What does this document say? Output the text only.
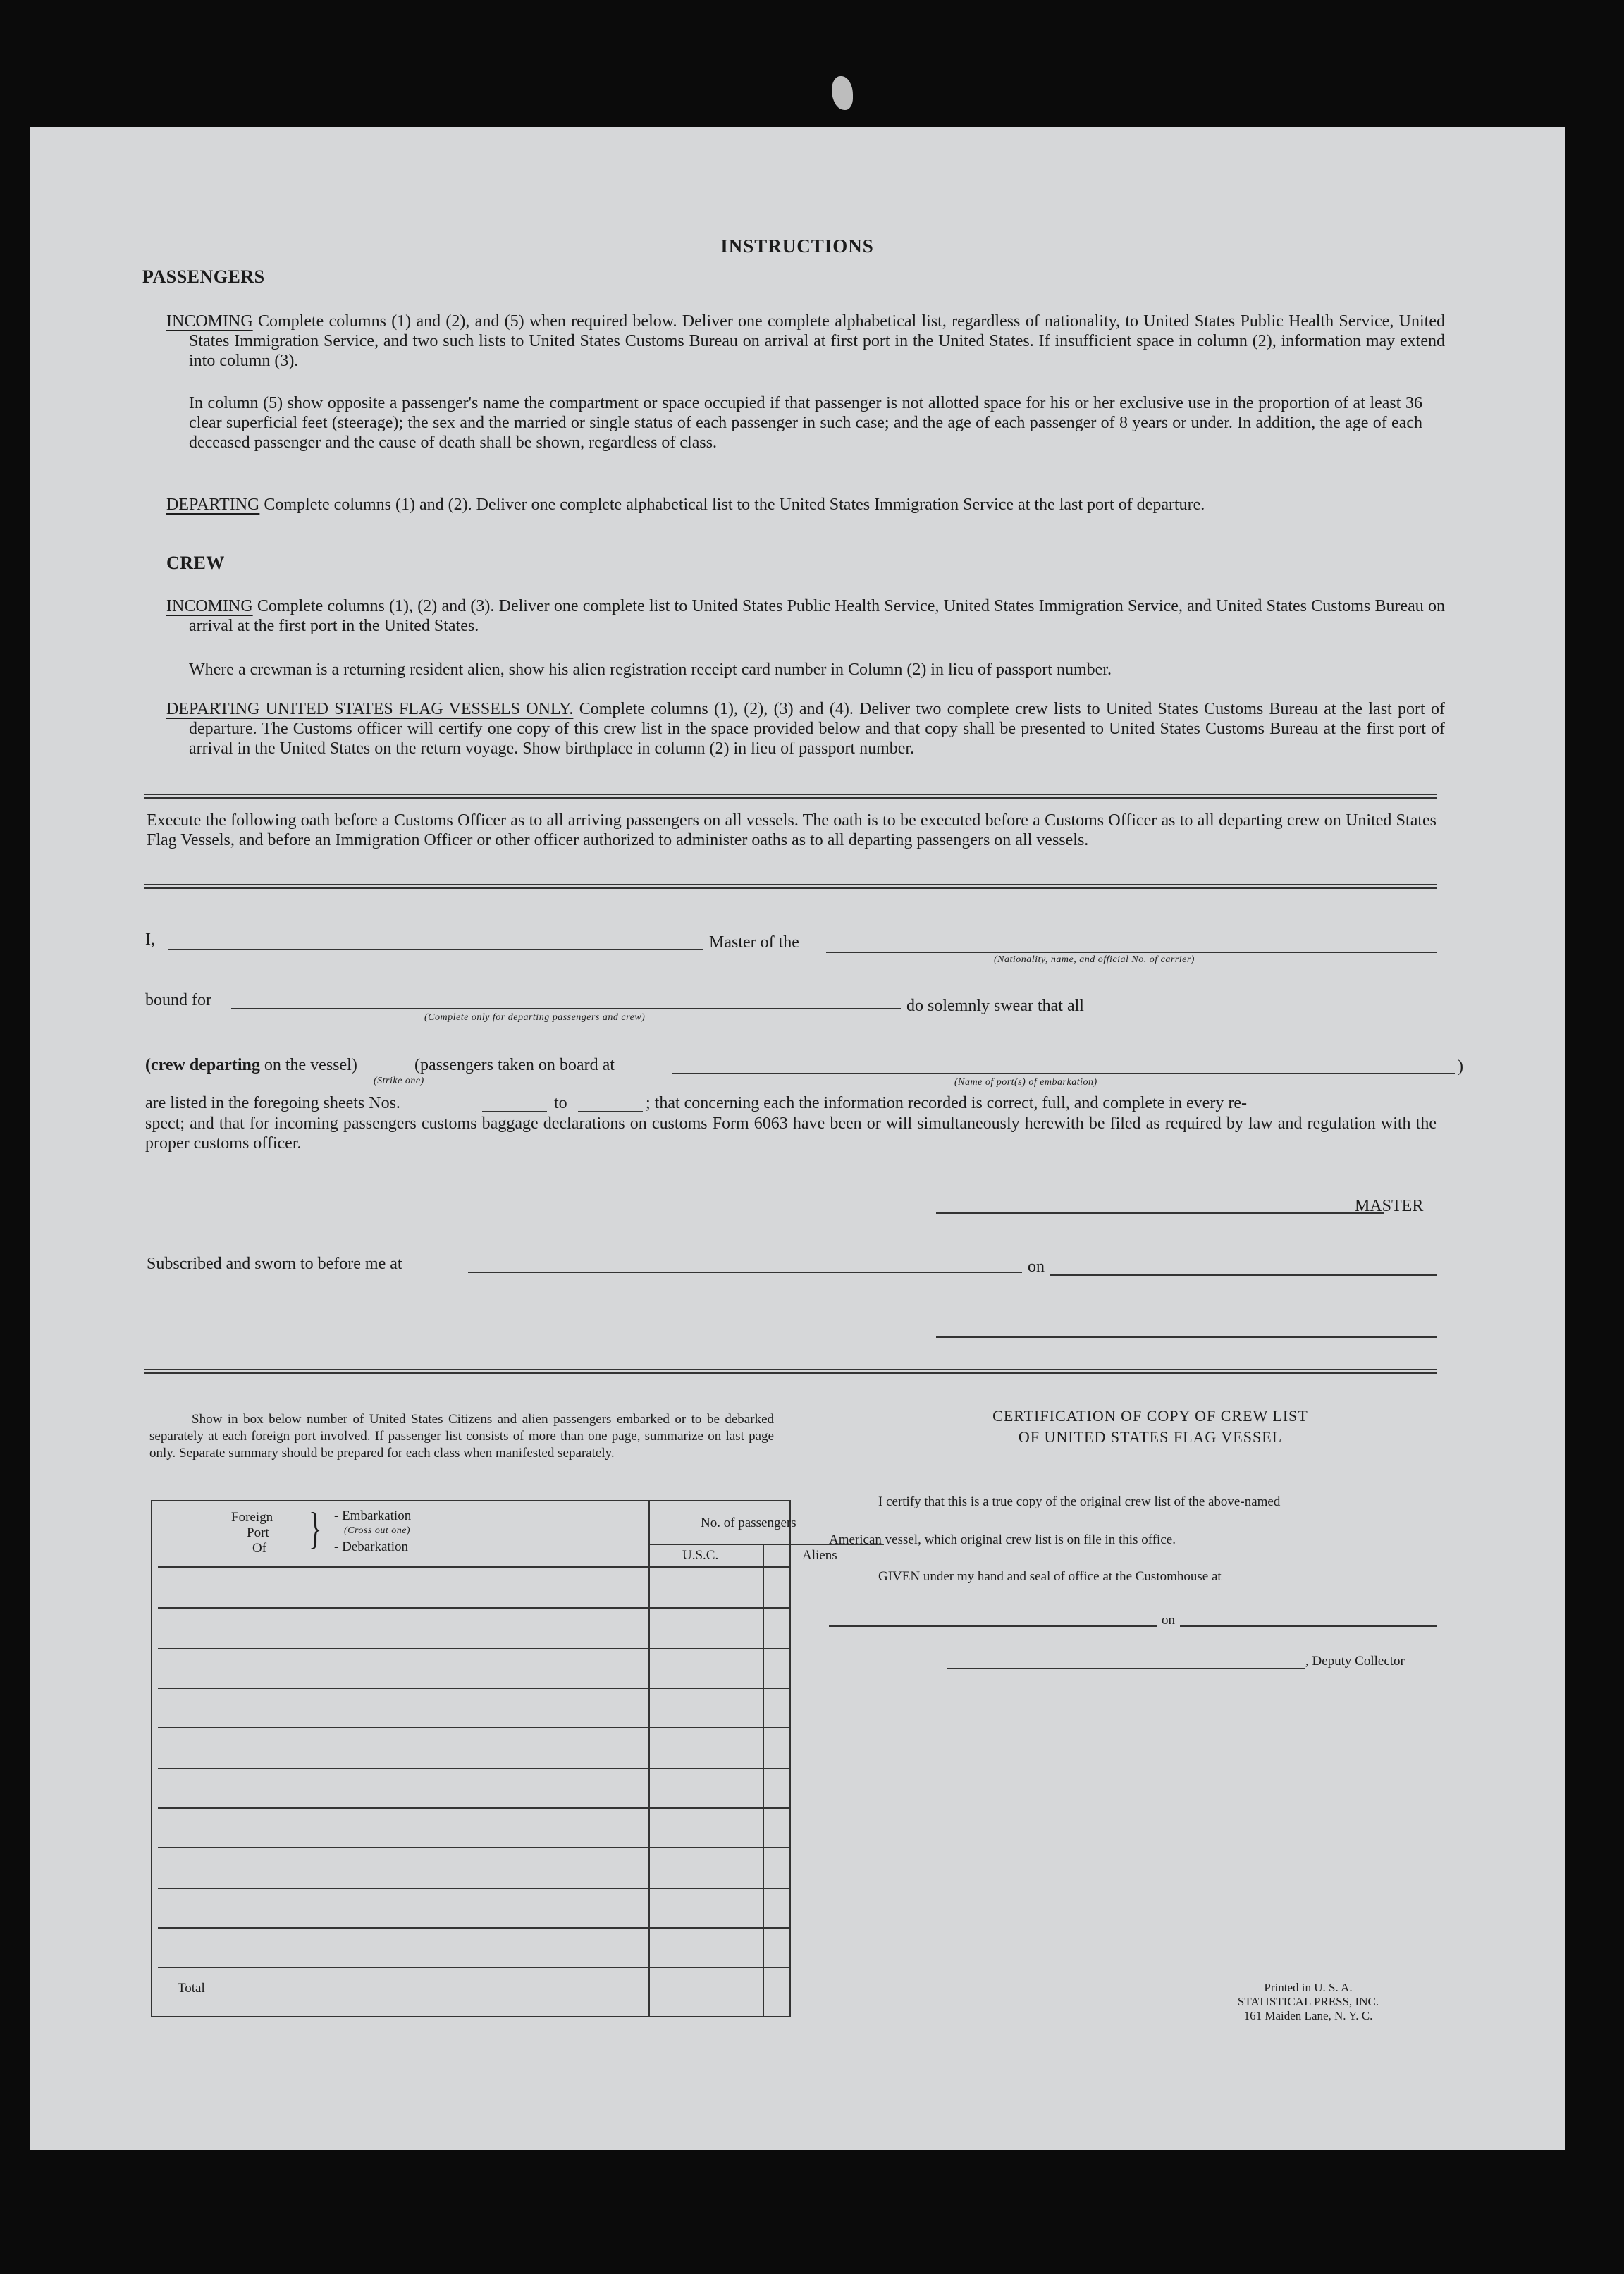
INSTRUCTIONS

PASSENGERS

INCOMING Complete columns (1) and (2), and (5) when required below. Deliver one complete alphabetical list, regardless of nationality, to United States Public Health Service, United States Immigration Service, and two such lists to United States Customs Bureau on arrival at first port in the United States. If insufficient space in column (2), information may extend into column (3).

In column (5) show opposite a passenger's name the compartment or space occupied if that passenger is not allotted space for his or her exclusive use in the proportion of at least 36 clear superficial feet (steerage); the sex and the married or single status of each passenger in such case; and the age of each passenger of 8 years or under. In addition, the age of each deceased passenger and the cause of death shall be shown, regardless of class.

DEPARTING Complete columns (1) and (2). Deliver one complete alphabetical list to the United States Immigration Service at the last port of departure.

CREW

INCOMING Complete columns (1), (2) and (3). Deliver one complete list to United States Public Health Service, United States Immigration Service, and United States Customs Bureau on arrival at the first port in the United States.

Where a crewman is a returning resident alien, show his alien registration receipt card number in Column (2) in lieu of passport number.

DEPARTING UNITED STATES FLAG VESSELS ONLY. Complete columns (1), (2), (3) and (4). Deliver two complete crew lists to United States Customs Bureau at the last port of departure. The Customs officer will certify one copy of this crew list in the space provided below and that copy shall be presented to United States Customs Bureau at the first port of arrival in the United States on the return voyage. Show birthplace in column (2) in lieu of passport number.

Execute the following oath before a Customs Officer as to all arriving passengers on all vessels. The oath is to be executed before a Customs Officer as to all departing crew on United States Flag Vessels, and before an Immigration Officer or other officer authorized to administer oaths as to all departing passengers on all vessels.

I,	Master of the
(Nationality, name, and official No. of carrier)
bound for
(Complete only for departing passengers and crew)
do solemnly swear that all
(crew departing on the vessel)
(Strike one)
(passengers taken on board at	)
(Name of port(s) of embarkation)
are listed in the foregoing sheets Nos.	to	; that concerning each the information recorded is correct, full, and complete in every re-

spect; and that for incoming passengers customs baggage declarations on customs Form 6063 have been or will simultaneously herewith be filed as required by law and regulation with the proper customs officer.

MASTER
Subscribed and sworn to before me at	on

Show in box below number of United States Citizens and alien passengers embarked or to be debarked separately at each foreign port involved. If passenger list consists of more than one page, summarize on last page only. Separate summary should be prepared for each class when manifested separately.

Foreign
Port
Of } - Embarkation
(Cross out one)
- Debarkation
No. of passengers
U.S.C.	Aliens
Total

CERTIFICATION OF COPY OF CREW LIST

OF UNITED STATES FLAG VESSEL

I certify that this is a true copy of the original crew list of the above-named
American vessel, which original crew list is on file in this office.
GIVEN under my hand and seal of office at the Customhouse at
on
, Deputy Collector
Printed in U. S. A.
STATISTICAL PRESS, INC.
161 Maiden Lane, N. Y. C.
